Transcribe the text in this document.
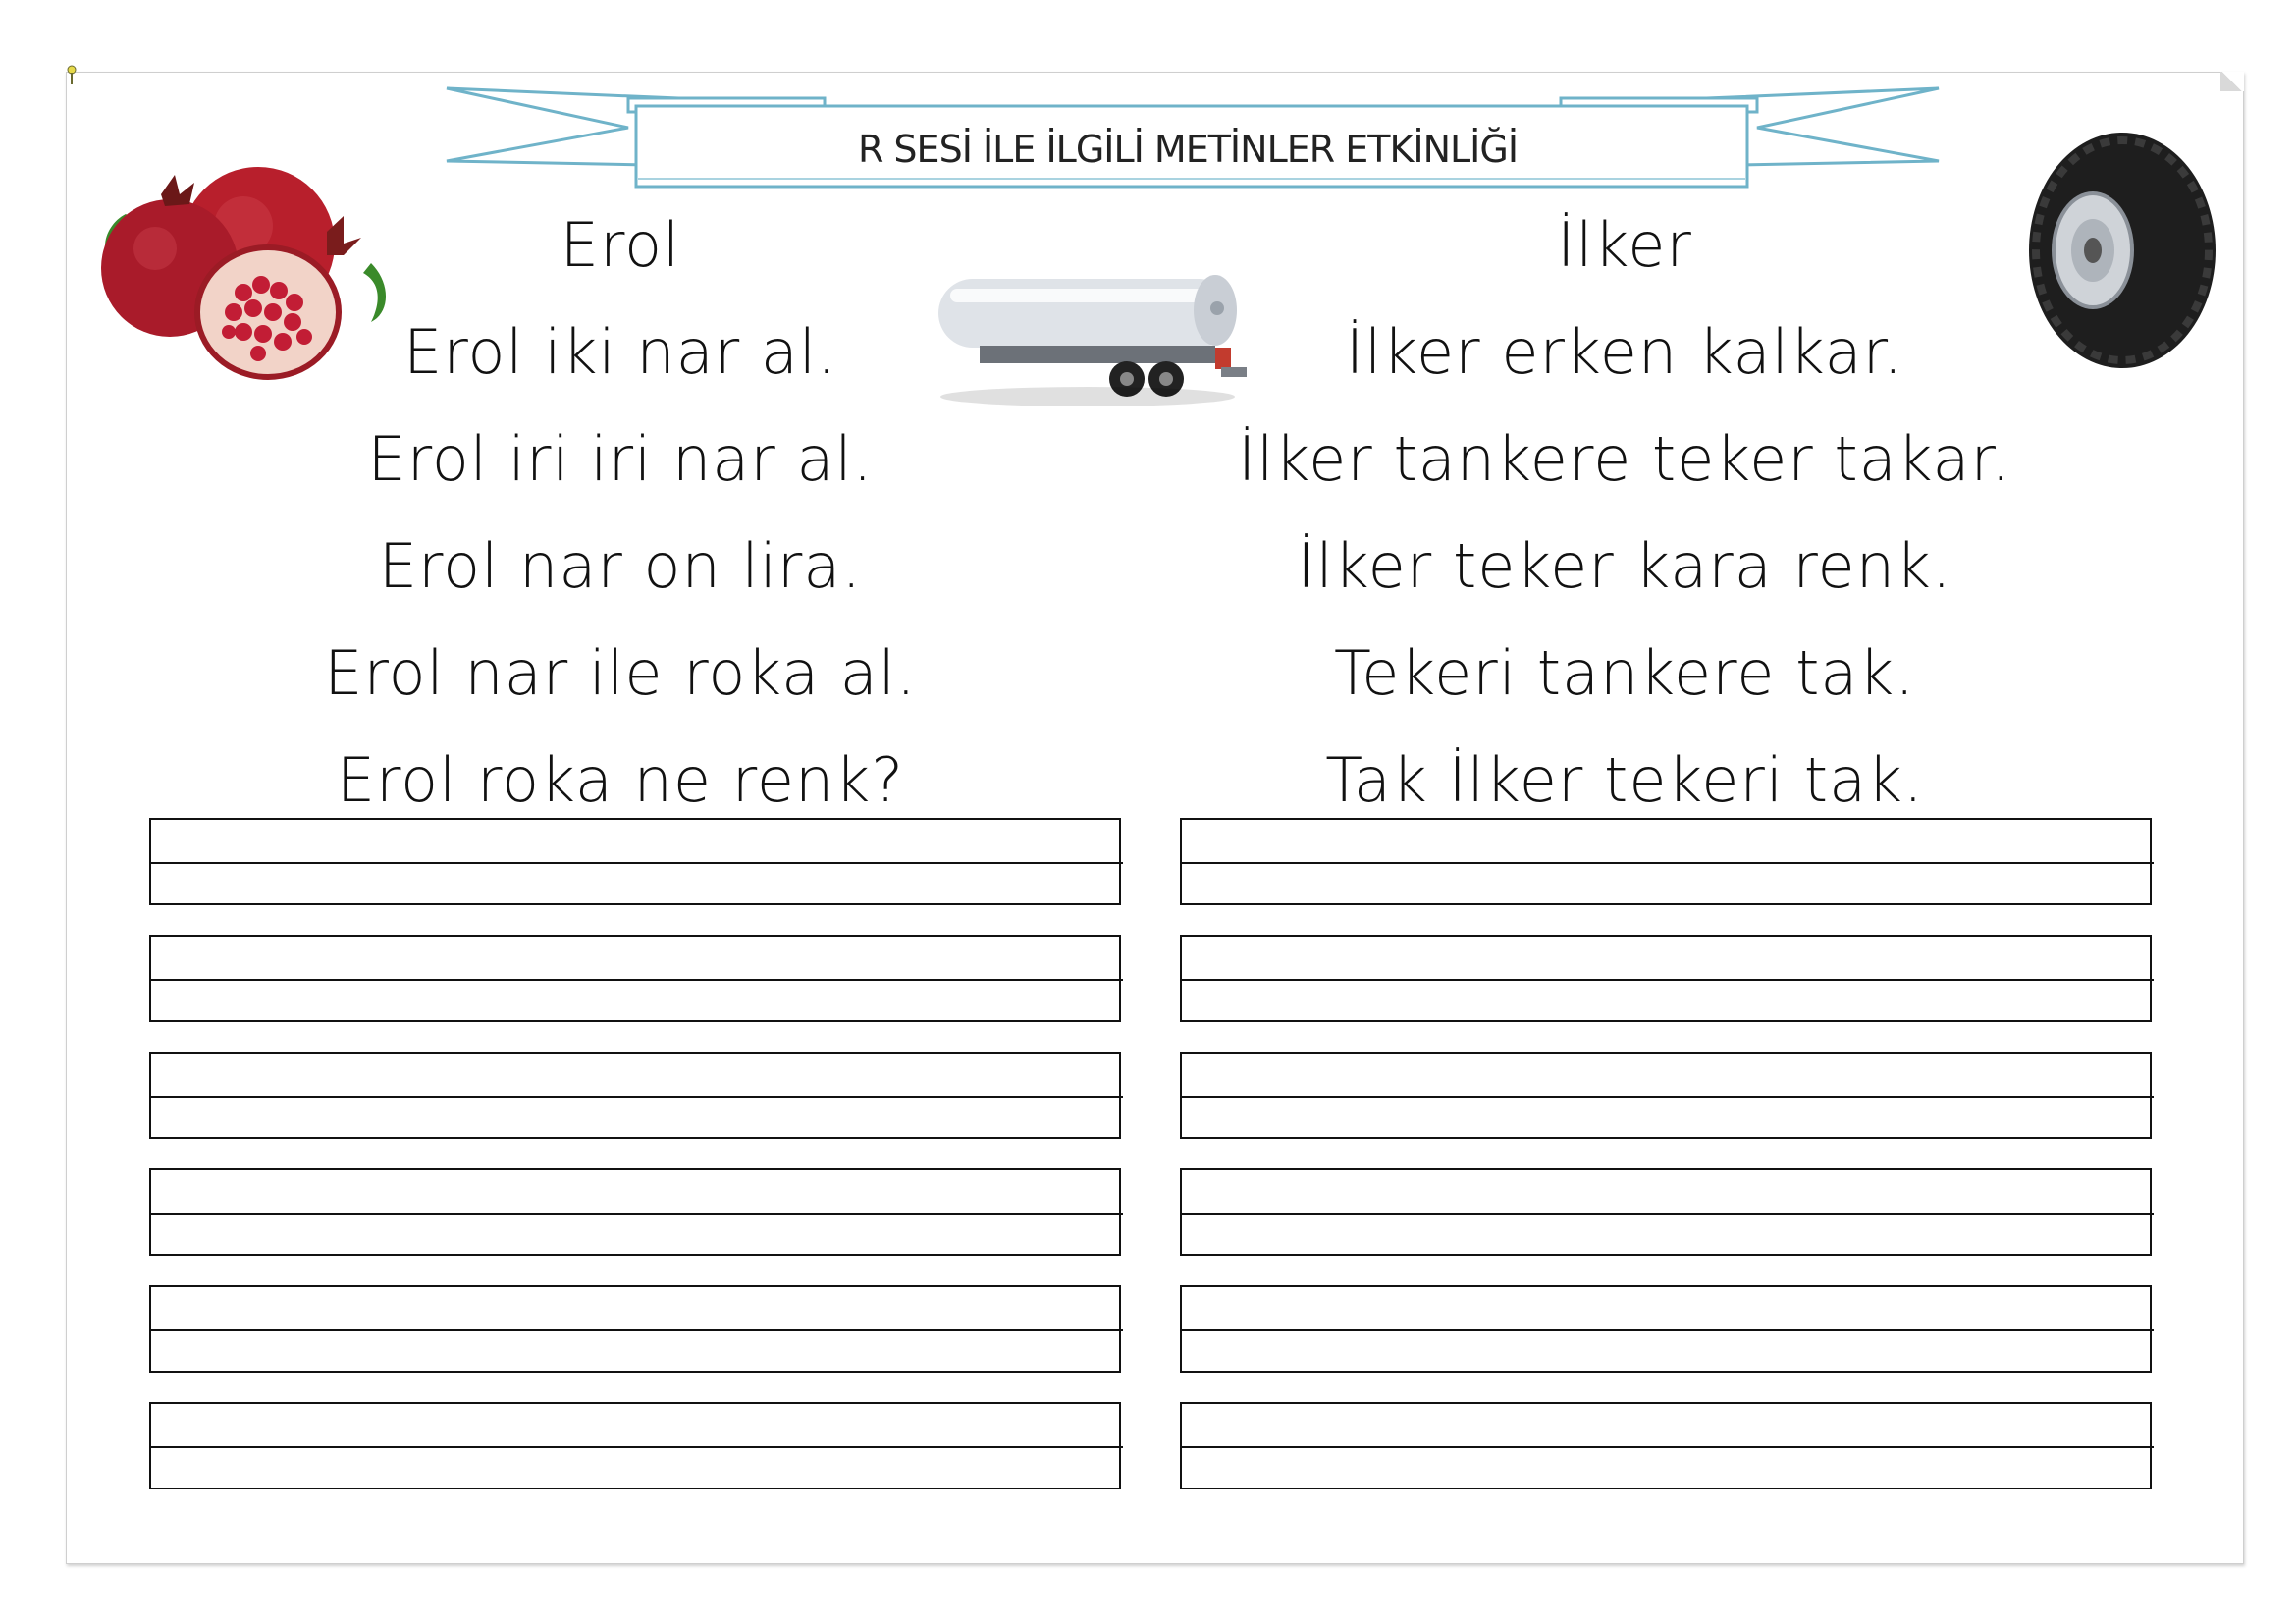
R SESİ İLE İLGİLİ METİNLER ETKİNLİĞİ
Erol
Erol iki nar al.
Erol iri iri nar al.
Erol nar on lira.
Erol nar ile roka al.
Erol roka ne renk?
İlker
İlker erken kalkar.
İlker tankere teker takar.
İlker teker kara renk.
Tekeri tankere tak.
Tak İlker tekeri tak.
